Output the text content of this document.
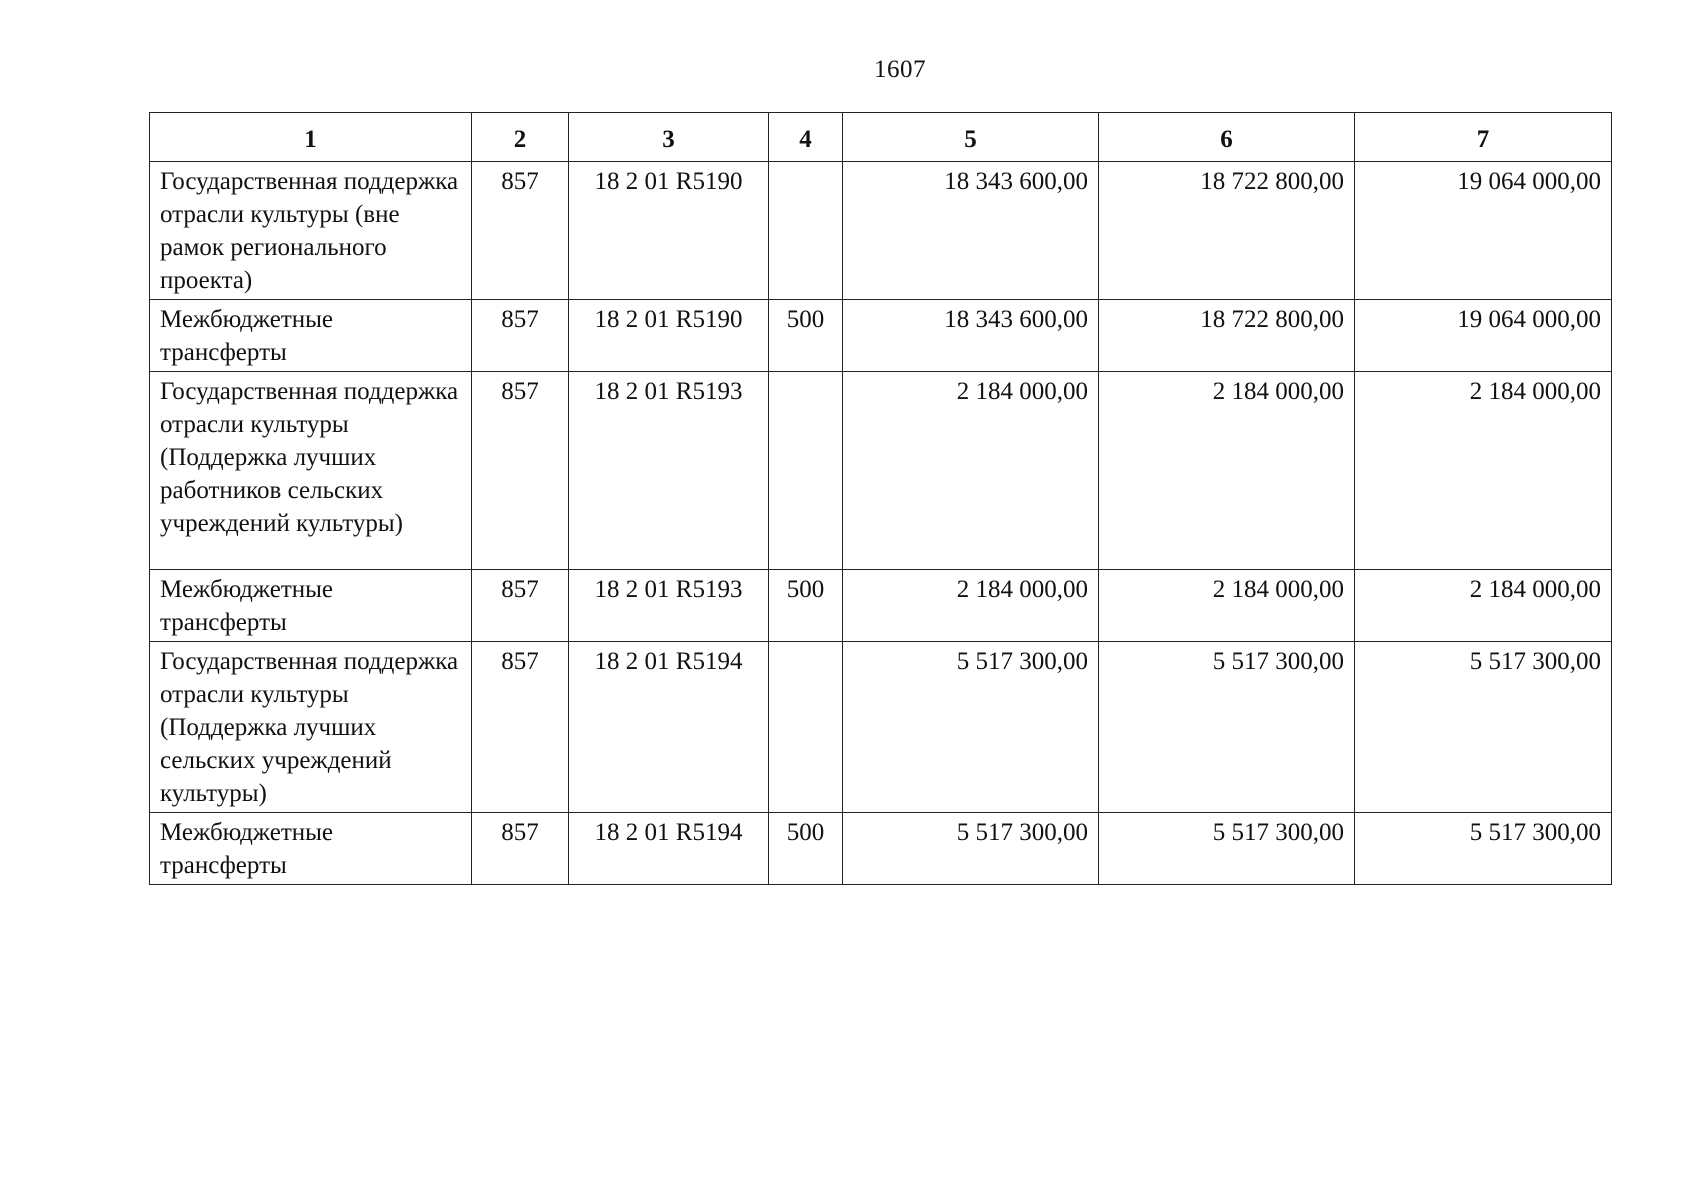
1607
1	2	3	4	5	6	7
Государственная поддержка отрасли культуры (вне рамок регионального проекта)	857	18 2 01 R5190		18 343 600,00	18 722 800,00	19 064 000,00
Межбюджетные трансферты	857	18 2 01 R5190	500	18 343 600,00	18 722 800,00	19 064 000,00
Государственная поддержка отрасли культуры (Поддержка лучших работников сельских учреждений культуры)	857	18 2 01 R5193		2 184 000,00	2 184 000,00	2 184 000,00
Межбюджетные трансферты	857	18 2 01 R5193	500	2 184 000,00	2 184 000,00	2 184 000,00
Государственная поддержка отрасли культуры (Поддержка лучших сельских учреждений культуры)	857	18 2 01 R5194		5 517 300,00	5 517 300,00	5 517 300,00
Межбюджетные трансферты	857	18 2 01 R5194	500	5 517 300,00	5 517 300,00	5 517 300,00
